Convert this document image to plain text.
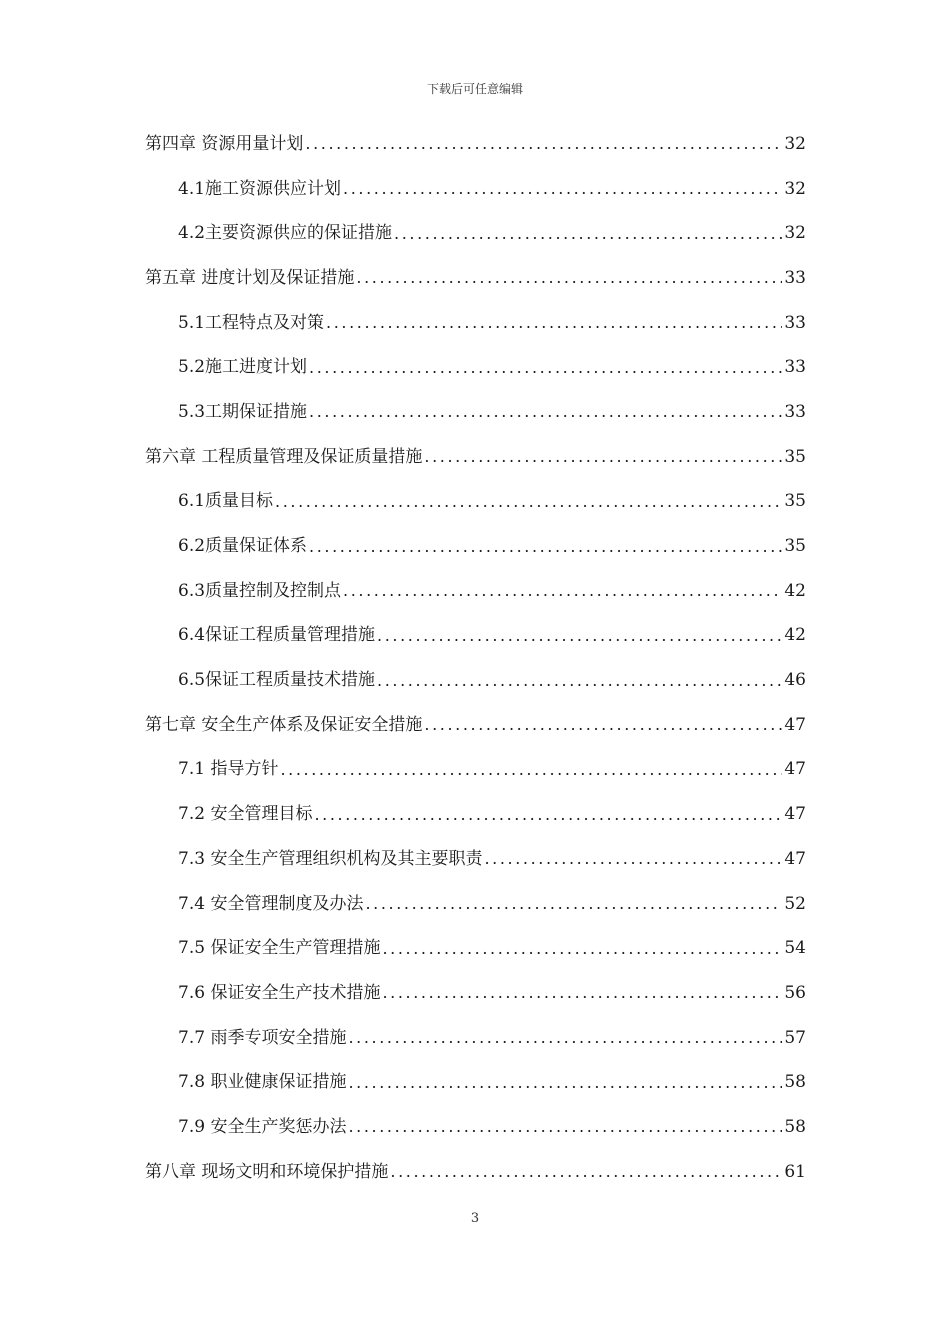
下载后可任意编辑
第四章 资源用量计划 .....	32
4.1施工资源供应计划 .....	32
4.2主要资源供应的保证措施 .....	32
第五章 进度计划及保证措施 .....	33
5.1工程特点及对策 .....	33
5.2施工进度计划 .....	33
5.3工期保证措施 .....	33
第六章 工程质量管理及保证质量措施 .....	35
6.1质量目标 .....	35
6.2质量保证体系 .....	35
6.3质量控制及控制点 .....	42
6.4保证工程质量管理措施 .....	42
6.5保证工程质量技术措施 .....	46
第七章 安全生产体系及保证安全措施 .....	47
7.1 指导方针 .....	47
7.2 安全管理目标 .....	47
7.3 安全生产管理组织机构及其主要职责 .....	47
7.4 安全管理制度及办法 .....	52
7.5 保证安全生产管理措施 .....	54
7.6 保证安全生产技术措施 .....	56
7.7 雨季专项安全措施 .....	57
7.8 职业健康保证措施 .....	58
7.9 安全生产奖惩办法 .....	58
第八章 现场文明和环境保护措施 .....	61
3
